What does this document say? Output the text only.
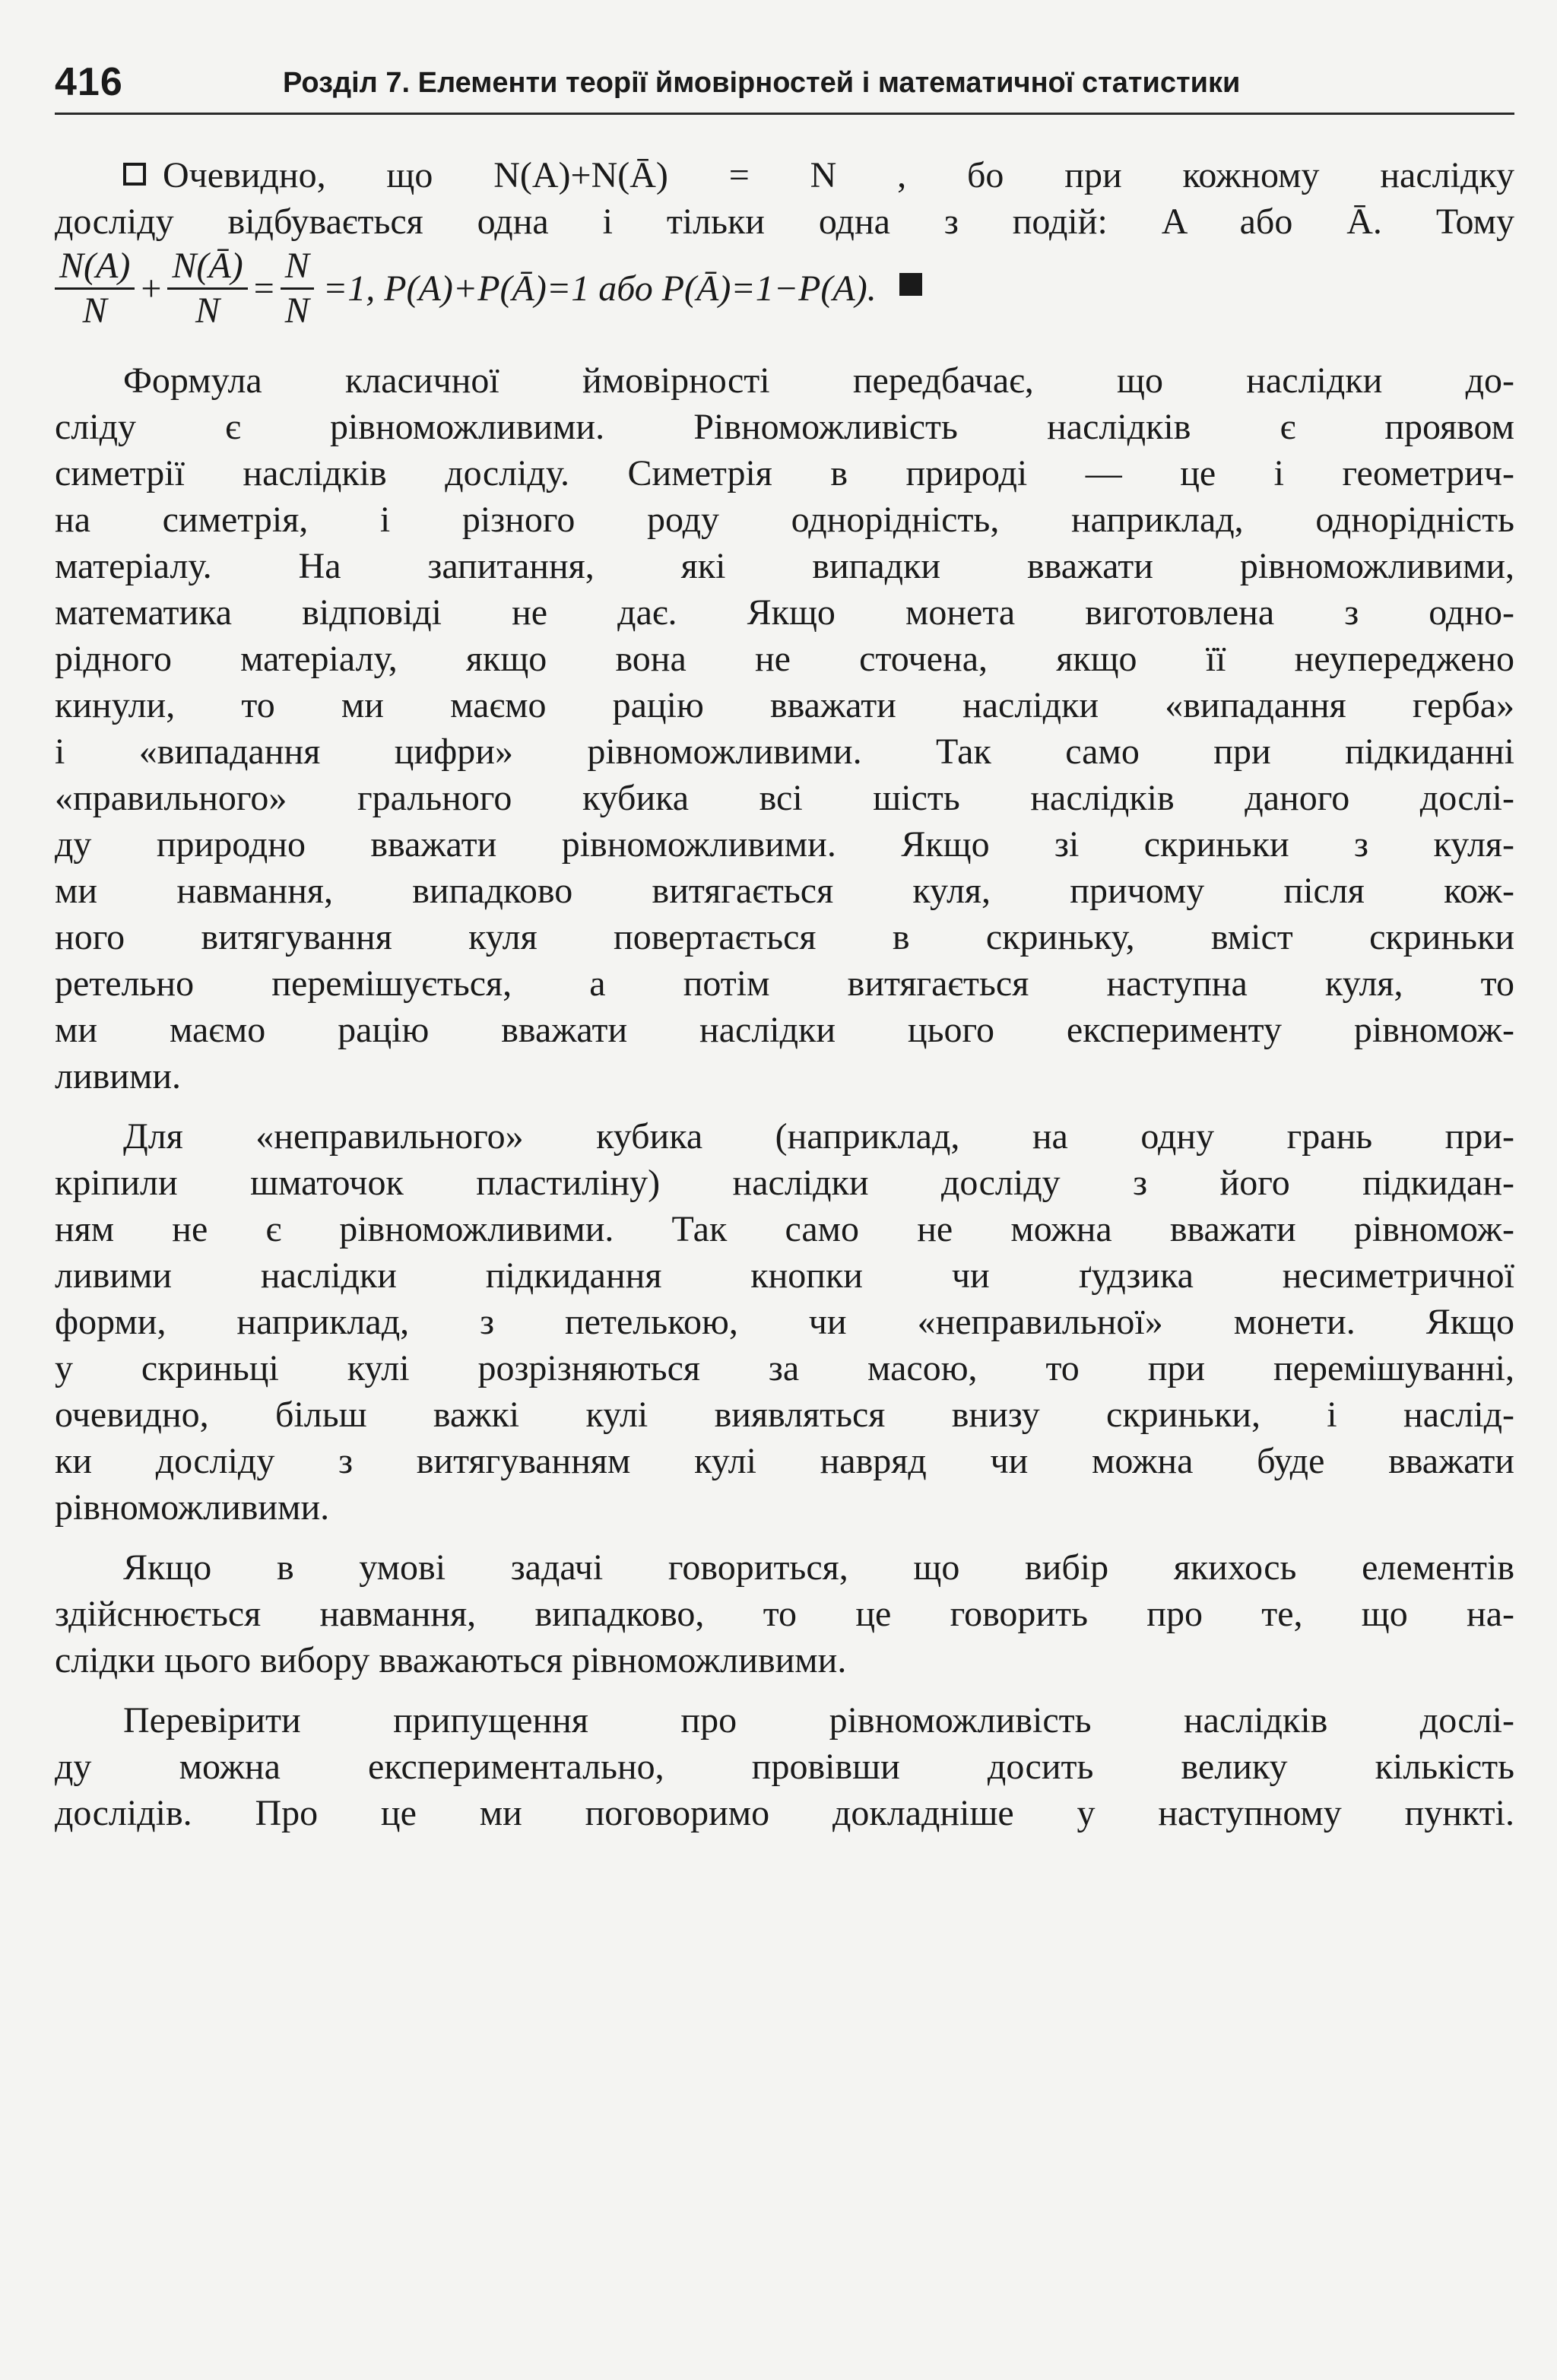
416	Розділ 7. Елементи теорії ймовірностей і математичної статистики
Очевидно, що N(A)+N(Ā) = N , бо при кожному наслідку
досліду відбувається одна і тільки одна з подій: A або Ā. Тому
$\frac{N(A)}{N} + \frac{N(Ā)}{N} = \frac{N}{N} =1$, P(A)+P(Ā)=1 або P(Ā)=1−P(A).
Формула класичної ймовірності передбачає, що наслідки до-
сліду є рівноможливими. Рівноможливість наслідків є проявом
симетрії наслідків досліду. Симетрія в природі — це і геометрич-
на симетрія, і різного роду однорідність, наприклад, однорідність
матеріалу. На запитання, які випадки вважати рівноможливими,
математика відповіді не дає. Якщо монета виготовлена з одно-
рідного матеріалу, якщо вона не сточена, якщо її неупереджено
кинули, то ми маємо рацію вважати наслідки «випадання герба»
і «випадання цифри» рівноможливими. Так само при підкиданні
«правильного» грального кубика всі шість наслідків даного дослі-
ду природно вважати рівноможливими. Якщо зі скриньки з куля-
ми навмання, випадково витягається куля, причому після кож-
ного витягування куля повертається в скриньку, вміст скриньки
ретельно перемішується, а потім витягається наступна куля, то
ми маємо рацію вважати наслідки цього експерименту рівномож-
ливими.
Для «неправильного» кубика (наприклад, на одну грань при-
кріпили шматочок пластиліну) наслідки досліду з його підкидан-
ням не є рівноможливими. Так само не можна вважати рівномож-
ливими наслідки підкидання кнопки чи ґудзика несиметричної
форми, наприклад, з петелькою, чи «неправильної» монети. Якщо
у скриньці кулі розрізняються за масою, то при перемішуванні,
очевидно, більш важкі кулі виявляться внизу скриньки, і наслід-
ки досліду з витягуванням кулі навряд чи можна буде вважати
рівноможливими.
Якщо в умові задачі говориться, що вибір якихось елементів
здійснюється навмання, випадково, то це говорить про те, що на-
слідки цього вибору вважаються рівноможливими.
Перевірити припущення про рівноможливість наслідків дослі-
ду можна експериментально, провівши досить велику кількість
дослідів. Про це ми поговоримо докладніше у наступному пункті.
